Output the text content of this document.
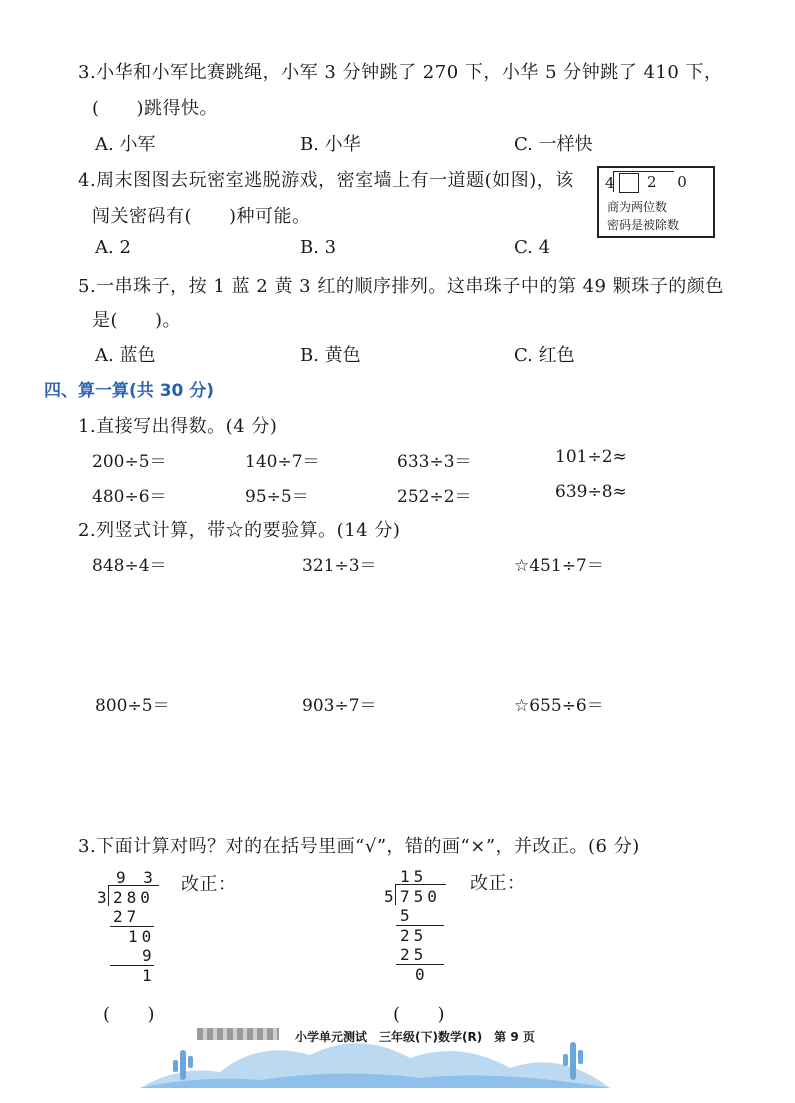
3.小华和小军比赛跳绳，小军 3 分钟跳了 270 下，小华 5 分钟跳了 410 下，
(　　)跳得快。
A. 小军	B. 小华	C. 一样快
4.周末图图去玩密室逃脱游戏，密室墙上有一道题(如图)，该
闯关密码有(　　)种可能。
A. 2	B. 3	C. 4
4 2 0
商为两位数
密码是被除数
5.一串珠子，按 1 蓝 2 黄 3 红的顺序排列。这串珠子中的第 49 颗珠子的颜色
是(　　)。
A. 蓝色	B. 黄色	C. 红色
四、算一算(共 30 分)
1.直接写出得数。(4 分)
200÷5＝	140÷7＝	633÷3＝	101÷2≈
480÷6＝	95÷5＝	252÷2＝	639÷8≈
2.列竖式计算，带☆的要验算。(14 分)
848÷4＝	321÷3＝	☆451÷7＝
800÷5＝	903÷7＝	☆655÷6＝
3.下面计算对吗？对的在括号里画“√”，错的画“×”，并改正。(6 分)
9 3
3 280
27
10
9
1
改正：
(　　)
15
5 750
5
25
25
0
改正：
(　　)
小学单元测试　三年级(下)数学(R)　第 9 页
